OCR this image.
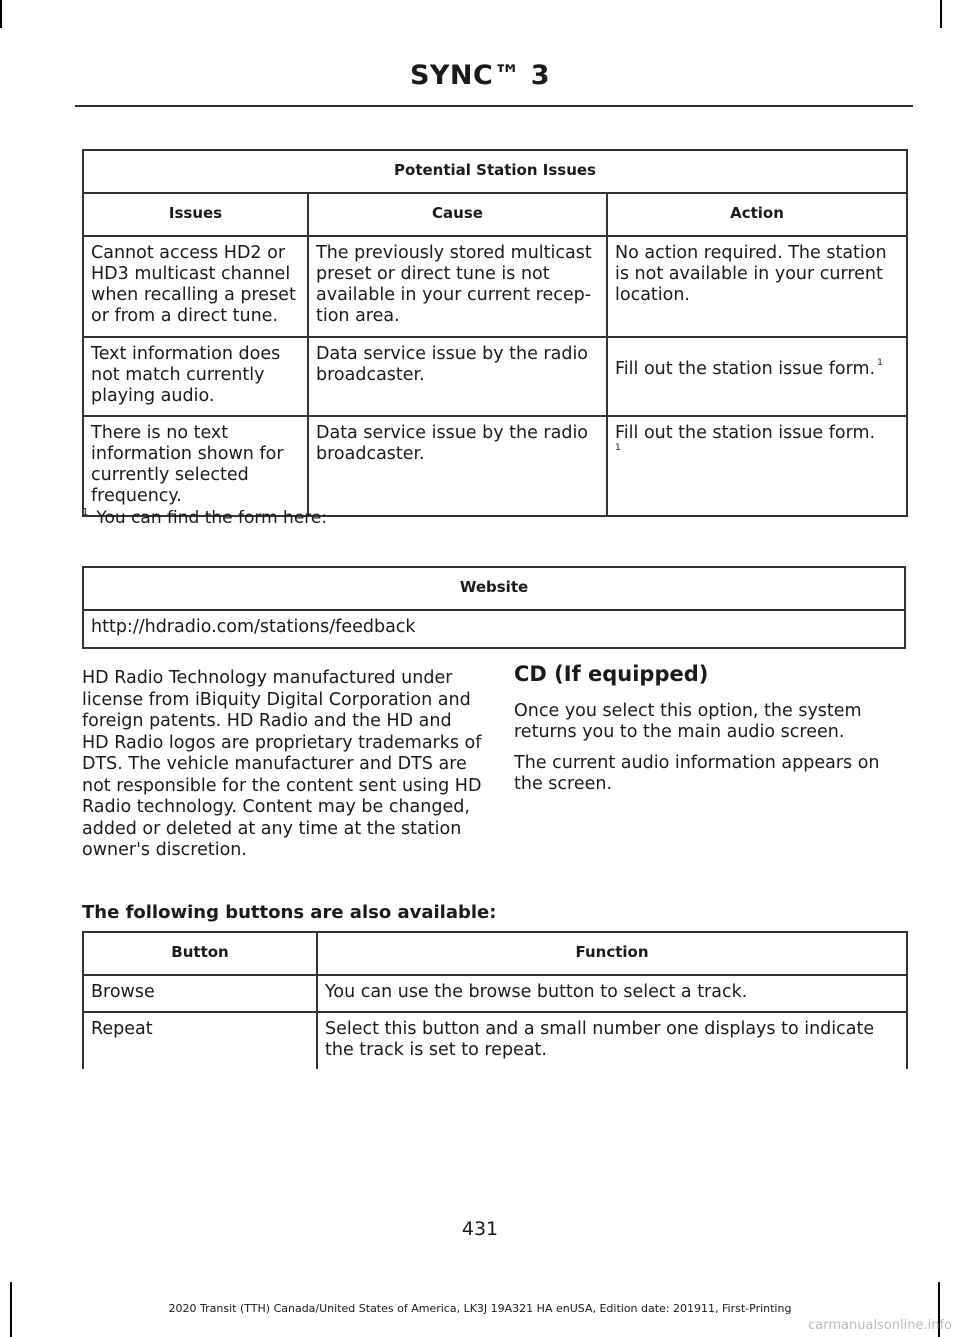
SYNC™ 3
Potential Station Issues		
Issues	Cause	Action
Cannot access HD2 or HD3 multicast channel when recalling a preset or from a direct tune.	The previously stored multicast preset or direct tune is not available in your current recep- tion area.	No action required. The station is not available in your current location.
Text information does not match currently playing audio.	Data service issue by the radio broadcaster.	Fill out the station issue form. $^1$
There is no text information shown for currently selected frequency.	Data service issue by the radio broadcaster.	Fill out the station issue form.
$^1$
$^1$ You can find the form here:
Website
http://hdradio.com/stations/feedback

HD Radio Technology manufactured under license from iBiquity Digital Corporation and foreign patents. HD Radio and the HD and HD Radio logos are proprietary trademarks of DTS. The vehicle manufacturer and DTS are not responsible for the content sent using HD Radio technology. Content may be changed, added or deleted at any time at the station owner's discretion.

CD (If equipped)

Once you select this option, the system returns you to the main audio screen.

The current audio information appears on the screen.

The following buttons are also available:
Button	Function
Browse	You can use the browse button to select a track.
Repeat	Select this button and a small number one displays to indicate the track is set to repeat.
431
2020 Transit (TTH) Canada/United States of America, LK3J 19A321 HA enUSA, Edition date: 201911, First-Printing
carmanualsonline.info
